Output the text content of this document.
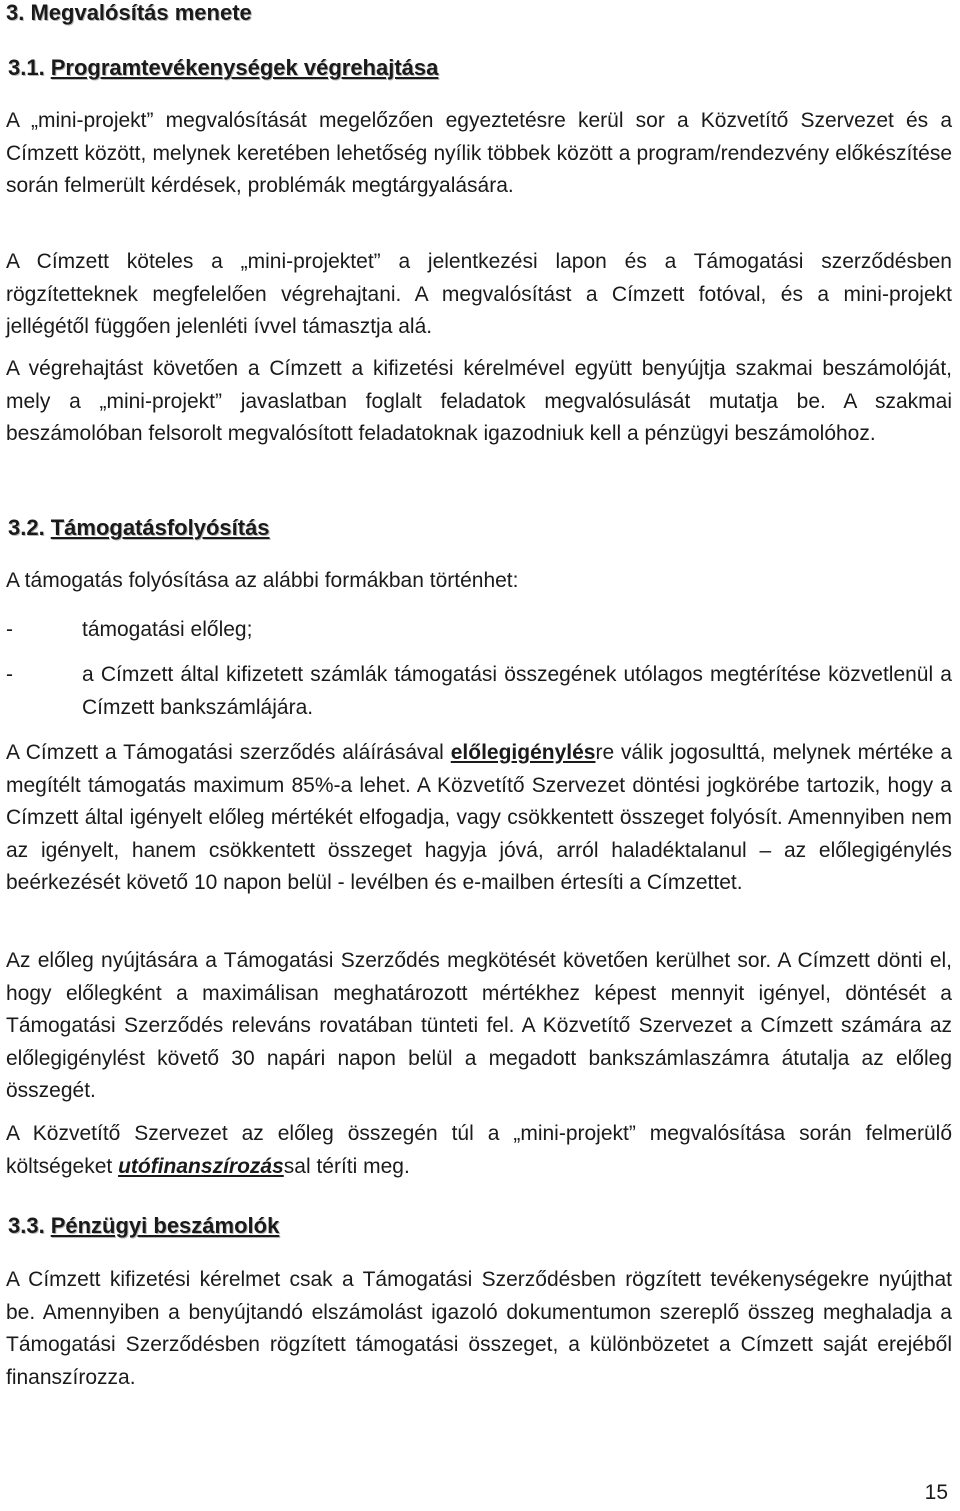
3. Megvalósítás menete
3.1. Programtevékenységek végrehajtása

A „mini-projekt” megvalósítását megelőzően egyeztetésre kerül sor a Közvetítő Szervezet és a Címzett között, melynek keretében lehetőség nyílik többek között a program/rendezvény előkészítése során felmerült kérdések, problémák megtárgyalására.

A Címzett köteles a „mini-projektet” a jelentkezési lapon és a Támogatási szerződésben rögzítetteknek megfelelően végrehajtani. A megvalósítást a Címzett fotóval, és a mini-projekt jellégétől függően jelenléti ívvel támasztja alá.

A végrehajtást követően a Címzett a kifizetési kérelmével együtt benyújtja szakmai beszámolóját, mely a „mini-projekt” javaslatban foglalt feladatok megvalósulását mutatja be. A szakmai beszámolóban felsorolt megvalósított feladatoknak igazodniuk kell a pénzügyi beszámolóhoz.

3.2. Támogatásfolyósítás

A támogatás folyósítása az alábbi formákban történhet:

-	támogatási előleg;
-	a Címzett által kifizetett számlák támogatási összegének utólagos megtérítése közvetlenül a Címzett bankszámlájára.

A Címzett a Támogatási szerződés aláírásával előlegigénylésre válik jogosulttá, melynek mértéke a megítélt támogatás maximum 85%-a lehet. A Közvetítő Szervezet döntési jogkörébe tartozik, hogy a Címzett által igényelt előleg mértékét elfogadja, vagy csökkentett összeget folyósít. Amennyiben nem az igényelt, hanem csökkentett összeget hagyja jóvá, arról haladéktalanul – az előlegigénylés beérkezését követő 10 napon belül - levélben és e-mailben értesíti a Címzettet.

Az előleg nyújtására a Támogatási Szerződés megkötését követően kerülhet sor. A Címzett dönti el, hogy előlegként a maximálisan meghatározott mértékhez képest mennyit igényel, döntését a Támogatási Szerződés releváns rovatában tünteti fel. A Közvetítő Szervezet a Címzett számára az előlegigénylést követő 30 napári napon belül a megadott bankszámlaszámra átutalja az előleg összegét.

A Közvetítő Szervezet az előleg összegén túl a „mini-projekt” megvalósítása során felmerülő költségeket utófinanszírozással téríti meg.

3.3. Pénzügyi beszámolók

A Címzett kifizetési kérelmet csak a Támogatási Szerződésben rögzített tevékenységekre nyújthat be. Amennyiben a benyújtandó elszámolást igazoló dokumentumon szereplő összeg meghaladja a Támogatási Szerződésben rögzített támogatási összeget, a különbözetet a Címzett saját erejéből finanszírozza.

15
